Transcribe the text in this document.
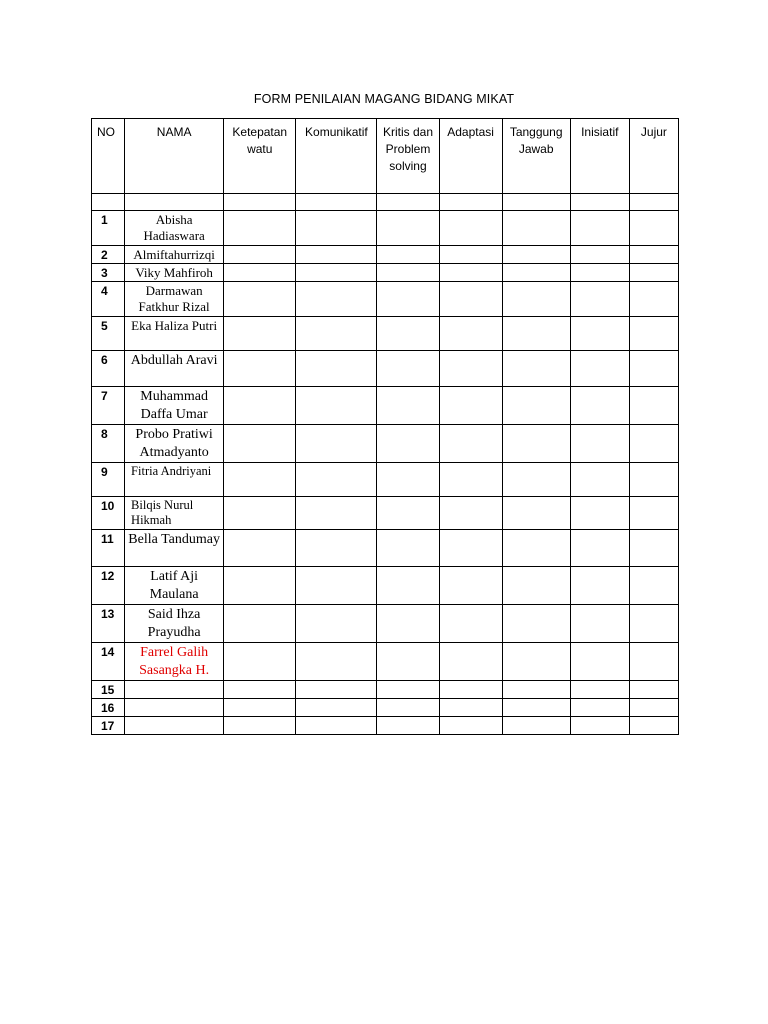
FORM PENILAIAN MAGANG BIDANG MIKAT
NO	NAMA	Ketepatan watu	Komunikatif	Kritis dan Problem solving	Adaptasi	Tanggung Jawab	Inisiatif	Jujur

1	Abisha Hadiaswara							
2	Almiftahurrizqi							
3	Viky Mahfiroh							
4	Darmawan Fatkhur Rizal							
5	Eka Haliza Putri							
6	Abdullah Aravi							
7	Muhammad Daffa Umar							
8	Probo Pratiwi Atmadyanto							
9	Fitria Andriyani							
10	Bilqis Nurul Hikmah							
11	Bella Tandumay							
12	Latif Aji Maulana							
13	Said Ihza Prayudha							
14	Farrel Galih Sasangka H.							
15								
16								
17								
